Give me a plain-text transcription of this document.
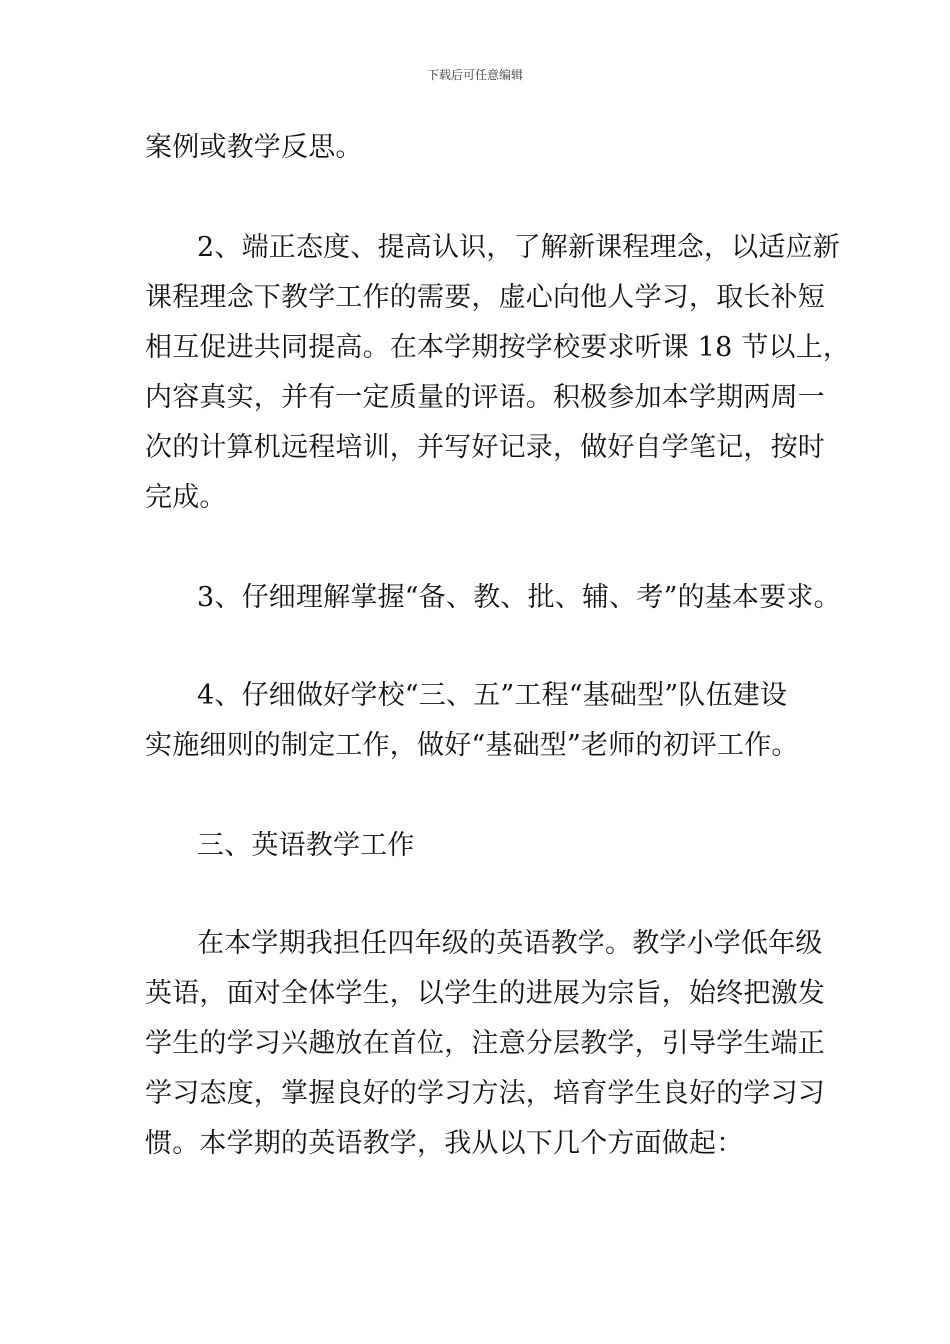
下载后可任意编辑
案例或教学反思。
2、端正态度、提高认识，了解新课程理念，以适应新
课程理念下教学工作的需要，虚心向他人学习，取长补短
相互促进共同提高。在本学期按学校要求听课 18 节以上，
内容真实，并有一定质量的评语。积极参加本学期两周一
次的计算机远程培训，并写好记录，做好自学笔记，按时
完成。
3、仔细理解掌握“备、教、批、辅、考”的基本要求。
4、仔细做好学校“三、五”工程“基础型”队伍建设
实施细则的制定工作，做好“基础型”老师的初评工作。
三、英语教学工作
在本学期我担任四年级的英语教学。教学小学低年级
英语，面对全体学生，以学生的进展为宗旨，始终把激发
学生的学习兴趣放在首位，注意分层教学，引导学生端正
学习态度，掌握良好的学习方法，培育学生良好的学习习
惯。本学期的英语教学，我从以下几个方面做起：
